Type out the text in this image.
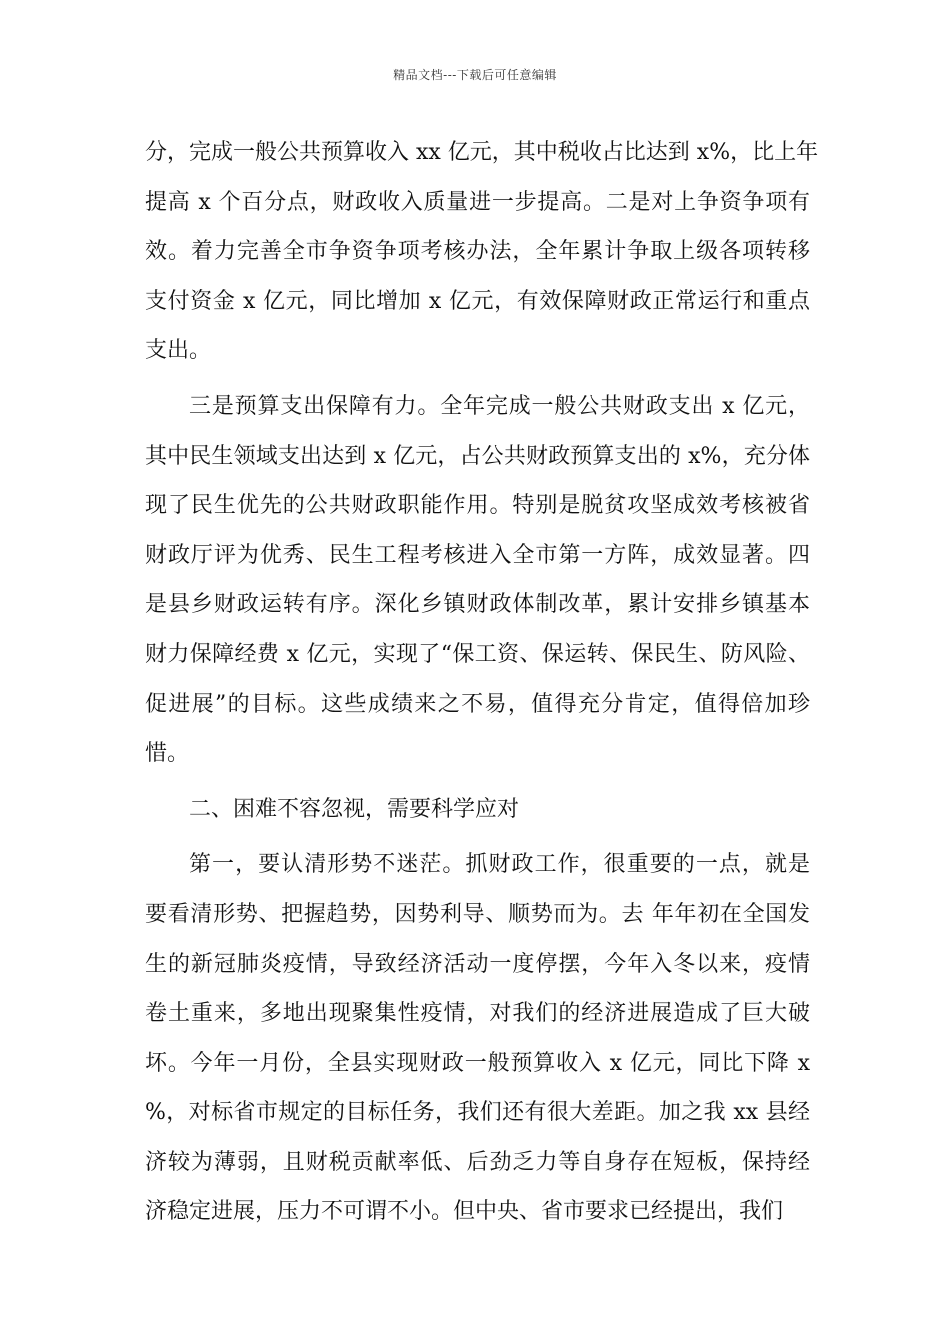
精品文档---下载后可任意编辑
分，完成一般公共预算收入 xx 亿元，其中税收占比达到 x%，比上年
提高 x 个百分点，财政收入质量进一步提高。二是对上争资争项有
效。着力完善全市争资争项考核办法，全年累计争取上级各项转移
支付资金 x 亿元，同比增加 x 亿元，有效保障财政正常运行和重点
支出。
三是预算支出保障有力。全年完成一般公共财政支出 x 亿元，
其中民生领域支出达到 x 亿元，占公共财政预算支出的 x%，充分体
现了民生优先的公共财政职能作用。特别是脱贫攻坚成效考核被省
财政厅评为优秀、民生工程考核进入全市第一方阵，成效显著。四
是县乡财政运转有序。深化乡镇财政体制改革，累计安排乡镇基本
财力保障经费 x 亿元，实现了“保工资、保运转、保民生、防风险、
促进展”的目标。这些成绩来之不易，值得充分肯定，值得倍加珍
惜。
二、困难不容忽视，需要科学应对
第一，要认清形势不迷茫。抓财政工作，很重要的一点，就是
要看清形势、把握趋势，因势利导、顺势而为。去 年年初在全国发
生的新冠肺炎疫情，导致经济活动一度停摆，今年入冬以来，疫情
卷土重来，多地出现聚集性疫情，对我们的经济进展造成了巨大破
坏。今年一月份，全县实现财政一般预算收入 x 亿元，同比下降 x
%，对标省市规定的目标任务，我们还有很大差距。加之我 xx 县经
济较为薄弱，且财税贡献率低、后劲乏力等自身存在短板，保持经
济稳定进展，压力不可谓不小。但中央、省市要求已经提出，我们
